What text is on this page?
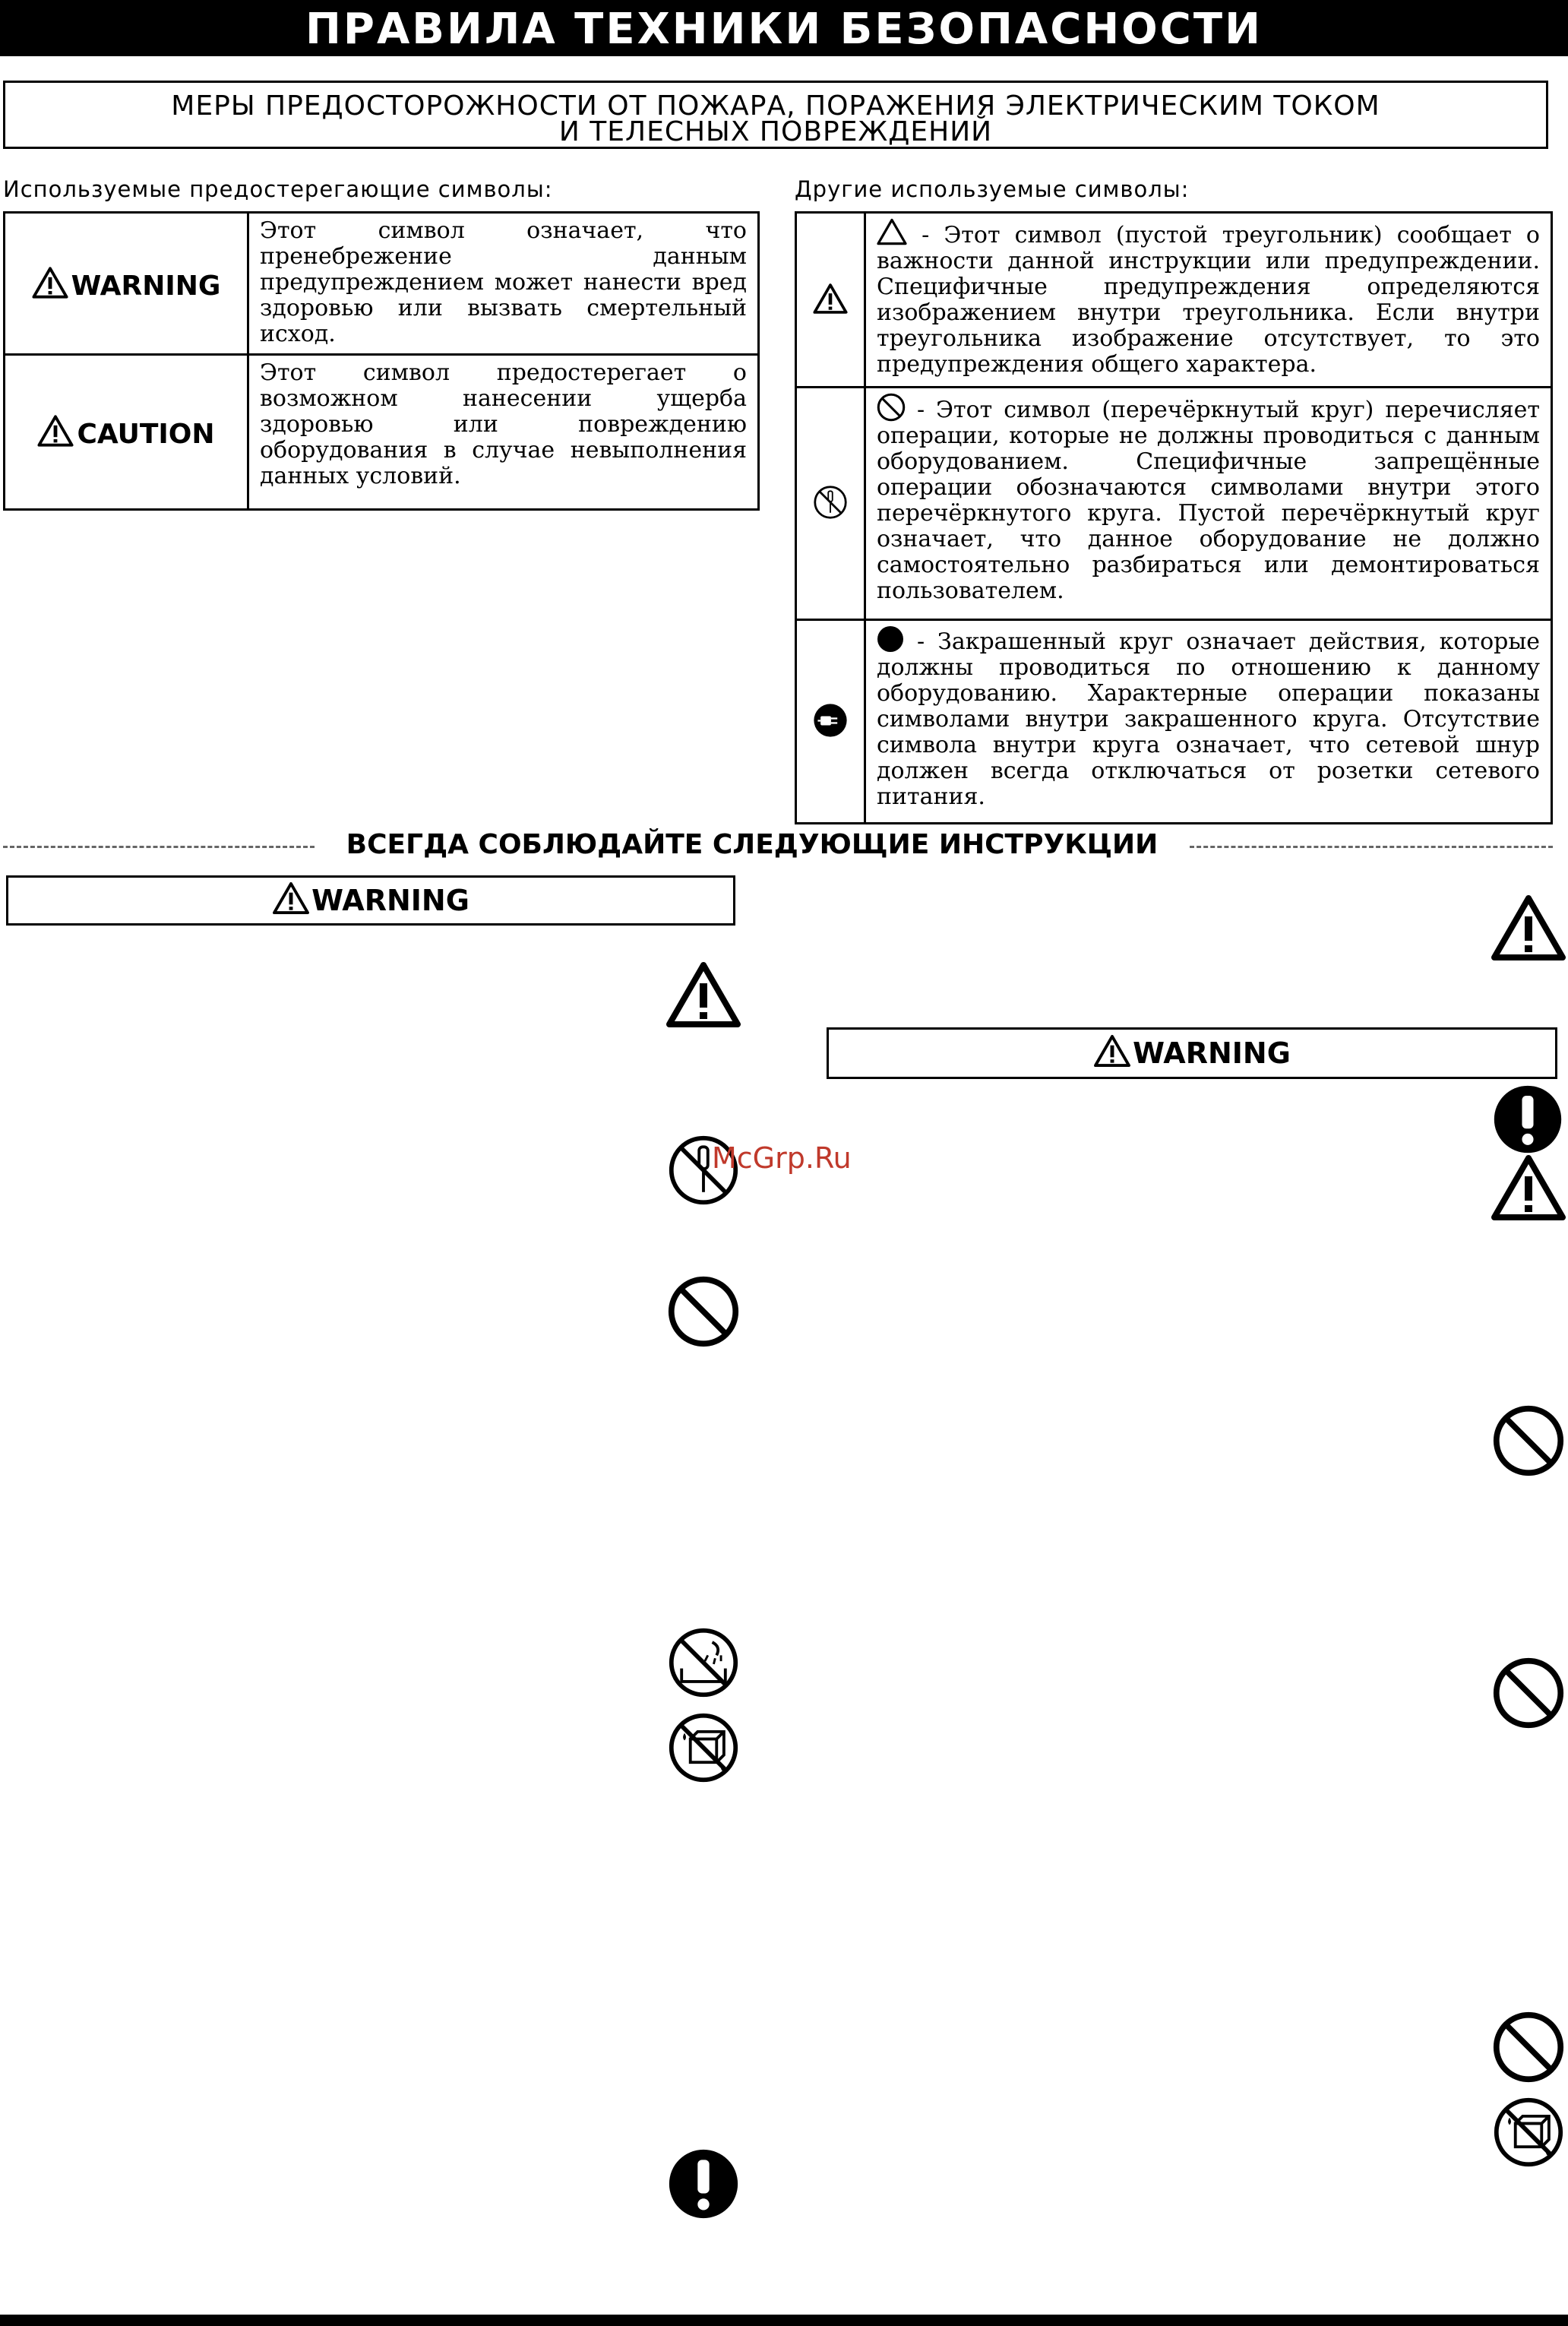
ПРАВИЛА ТЕХНИКИ БЕЗОПАСНОСТИ
МЕРЫ ПРЕДОСТОРОЖНОСТИ ОТ ПОЖАРА, ПОРАЖЕНИЯ ЭЛЕКТРИЧЕСКИМ ТОКОМ
И ТЕЛЕСНЫХ ПОВРЕЖДЕНИЙ
Используемые предостерегающие символы:	Другие используемые символы:
WARNING	Этот символ означает, что пренебрежение данным предупреждением может нанести вред здоровью или вызвать смертельный исход.
CAUTION	Этот символ предостерегает о возможном нанесении ущерба здоровью или повреждению оборудования в случае невыполнения данных условий.
	- Этот символ (пустой треугольник) сообщает о важности данной инструкции или предупреждении. Специфичные предупреждения определяются изображением внутри треугольника. Если внутри треугольника изображение отсутствует, то это предупреждения общего характера.
	- Этот символ (перечёркнутый круг) перечисляет операции, которые не должны проводиться с данным оборудованием. Специфичные запрещённые операции обозначаются символами внутри этого перечёркнутого круга. Пустой перечёркнутый круг означает, что данное оборудование не должно самостоятельно разбираться или демонтироваться пользователем.
	- Закрашенный круг означает действия, которые должны проводиться по отношению к данному оборудованию. Характерные операции показаны символами внутри закрашенного круга. Отсутствие символа внутри круга означает, что сетевой шнур должен всегда отключаться от розетки сетевого питания.
ВСЕГДА СОБЛЮДАЙТЕ СЛЕДУЮЩИЕ ИНСТРУКЦИИ
WARNING
WARNING
McGrp.Ru
